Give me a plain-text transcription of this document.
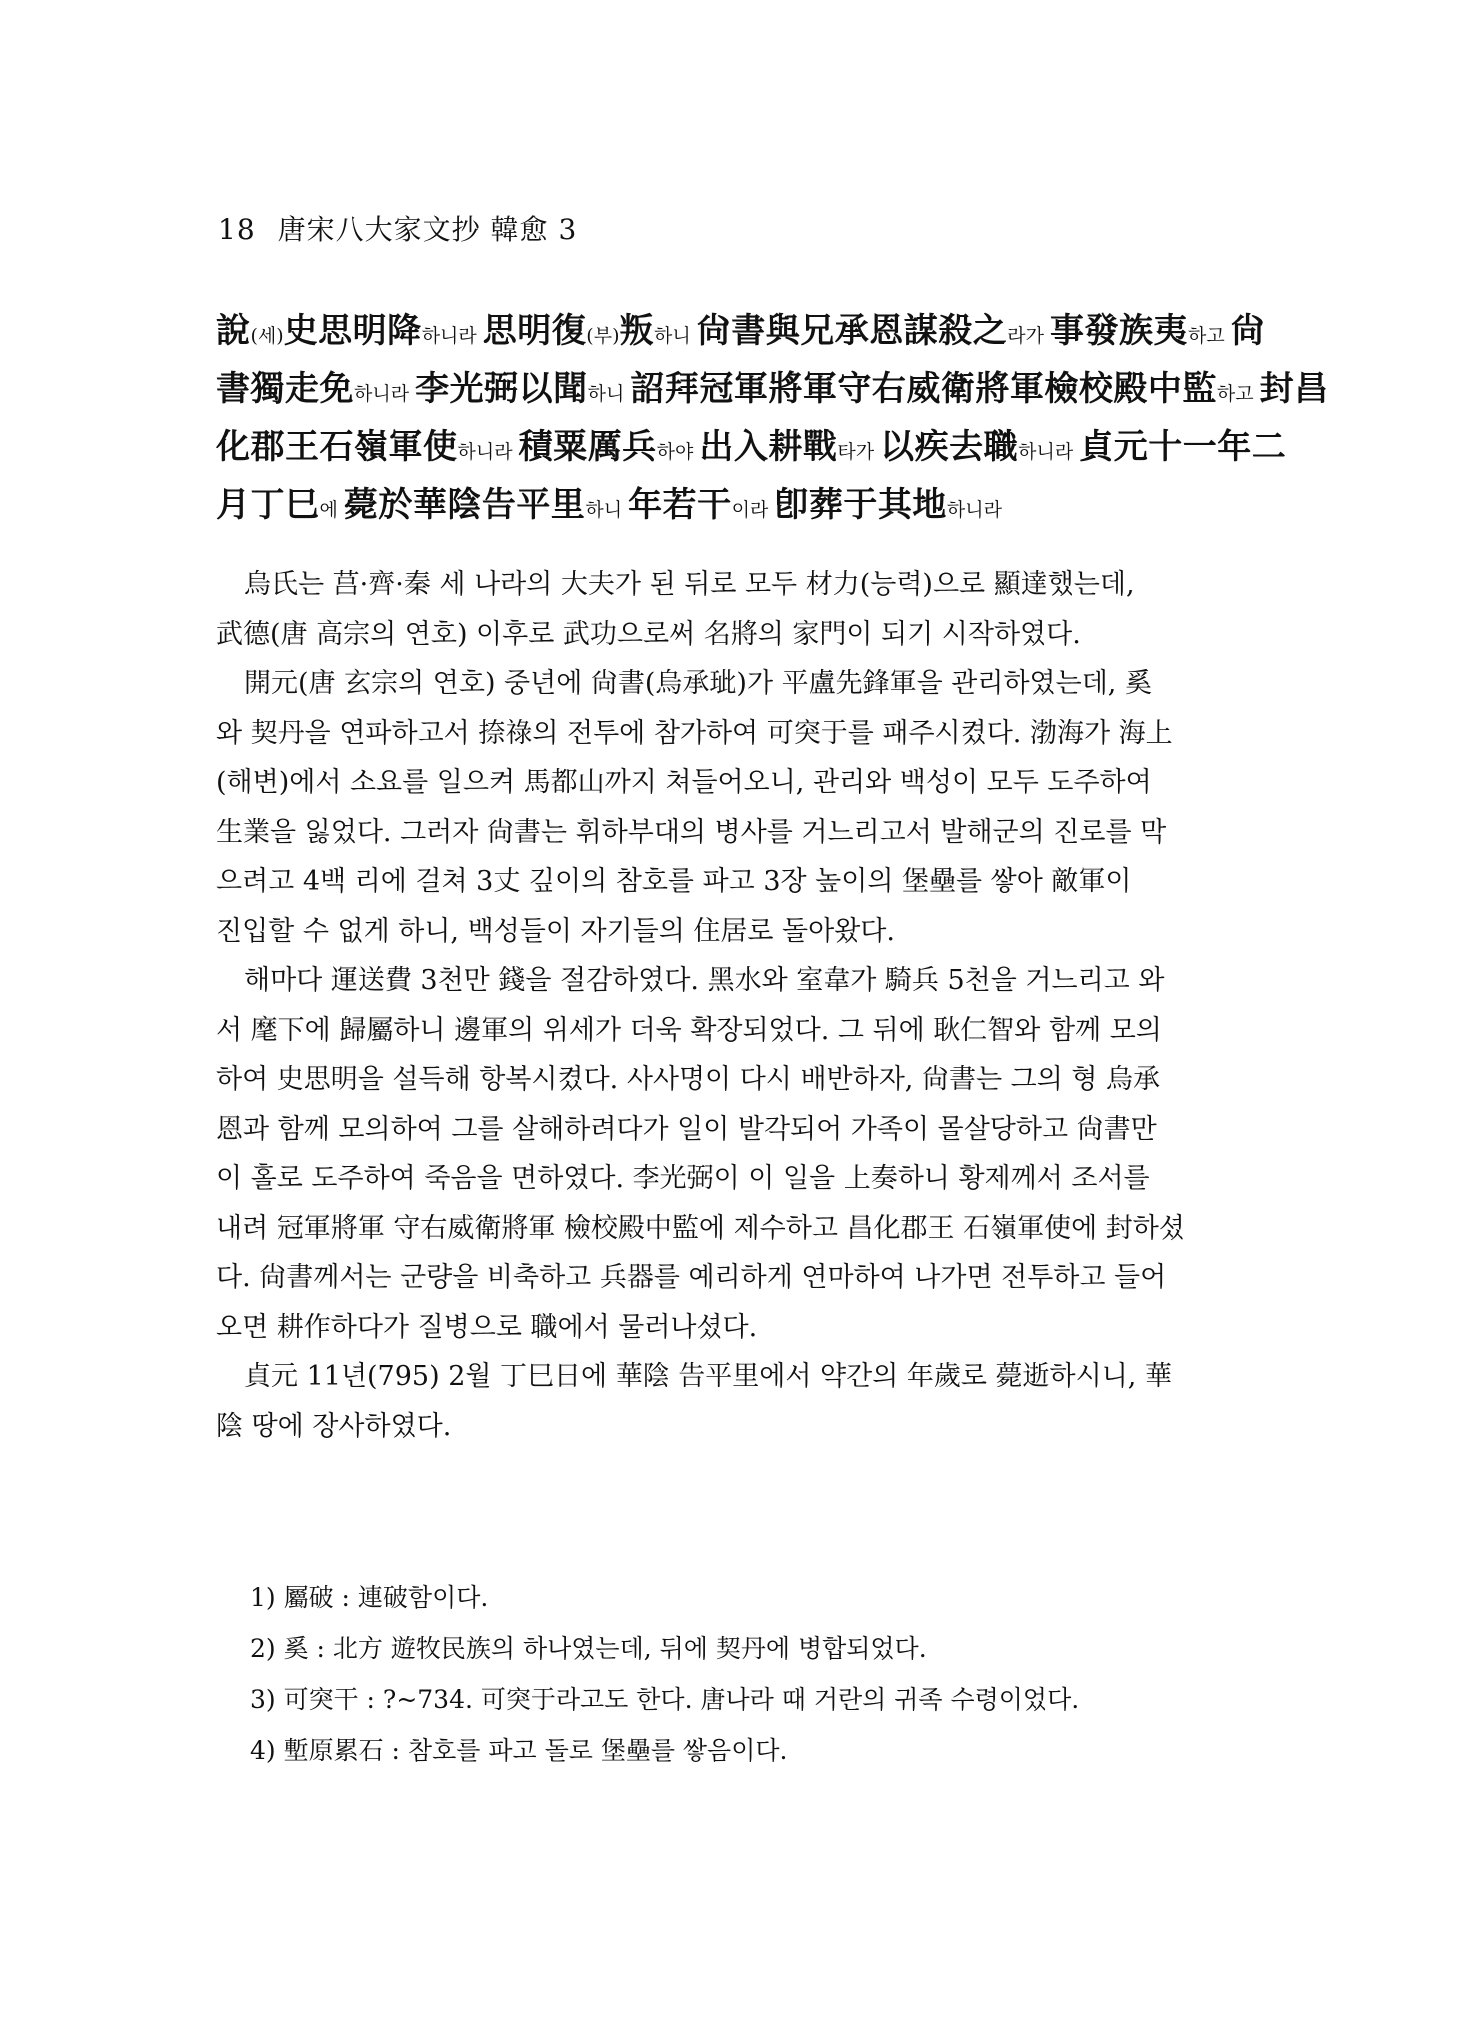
18 唐宋八大家文抄 韓愈 3
說(세)史思明降하니라 思明復(부)叛하니 尙書與兄承恩謀殺之라가 事發族夷하고 尙
書獨走免하니라 李光弼以聞하니 詔拜冠軍將軍守右威衛將軍檢校殿中監하고 封昌
化郡王石嶺軍使하니라 積粟厲兵하야 出入耕戰타가 以疾去職하니라 貞元十一年二
月丁巳에 薨於華陰告平里하니 年若干이라 卽葬于其地하니라
烏氏는 莒·齊·秦 세 나라의 大夫가 된 뒤로 모두 材力(능력)으로 顯達했는데,
武德(唐 高宗의 연호) 이후로 武功으로써 名將의 家門이 되기 시작하였다.
開元(唐 玄宗의 연호) 중년에 尙書(烏承玼)가 平盧先鋒軍을 관리하였는데, 奚
와 契丹을 연파하고서 捺祿의 전투에 참가하여 可突于를 패주시켰다. 渤海가 海上
(해변)에서 소요를 일으켜 馬都山까지 쳐들어오니, 관리와 백성이 모두 도주하여
生業을 잃었다. 그러자 尙書는 휘하부대의 병사를 거느리고서 발해군의 진로를 막
으려고 4백 리에 걸쳐 3丈 깊이의 참호를 파고 3장 높이의 堡壘를 쌓아 敵軍이
진입할 수 없게 하니, 백성들이 자기들의 住居로 돌아왔다.
해마다 運送費 3천만 錢을 절감하였다. 黑水와 室韋가 騎兵 5천을 거느리고 와
서 麾下에 歸屬하니 邊軍의 위세가 더욱 확장되었다. 그 뒤에 耿仁智와 함께 모의
하여 史思明을 설득해 항복시켰다. 사사명이 다시 배반하자, 尙書는 그의 형 烏承
恩과 함께 모의하여 그를 살해하려다가 일이 발각되어 가족이 몰살당하고 尙書만
이 홀로 도주하여 죽음을 면하였다. 李光弼이 이 일을 上奏하니 황제께서 조서를
내려 冠軍將軍 守右威衛將軍 檢校殿中監에 제수하고 昌化郡王 石嶺軍使에 封하셨
다. 尙書께서는 군량을 비축하고 兵器를 예리하게 연마하여 나가면 전투하고 들어
오면 耕作하다가 질병으로 職에서 물러나셨다.
貞元 11년(795) 2월 丁巳日에 華陰 告平里에서 약간의 年歲로 薨逝하시니, 華
陰 땅에 장사하였다.
1) 屬破 : 連破함이다.
2) 奚 : 北方 遊牧民族의 하나였는데, 뒤에 契丹에 병합되었다.
3) 可突干 : ?~734. 可突于라고도 한다. 唐나라 때 거란의 귀족 수령이었다.
4) 塹原累石 : 참호를 파고 돌로 堡壘를 쌓음이다.
